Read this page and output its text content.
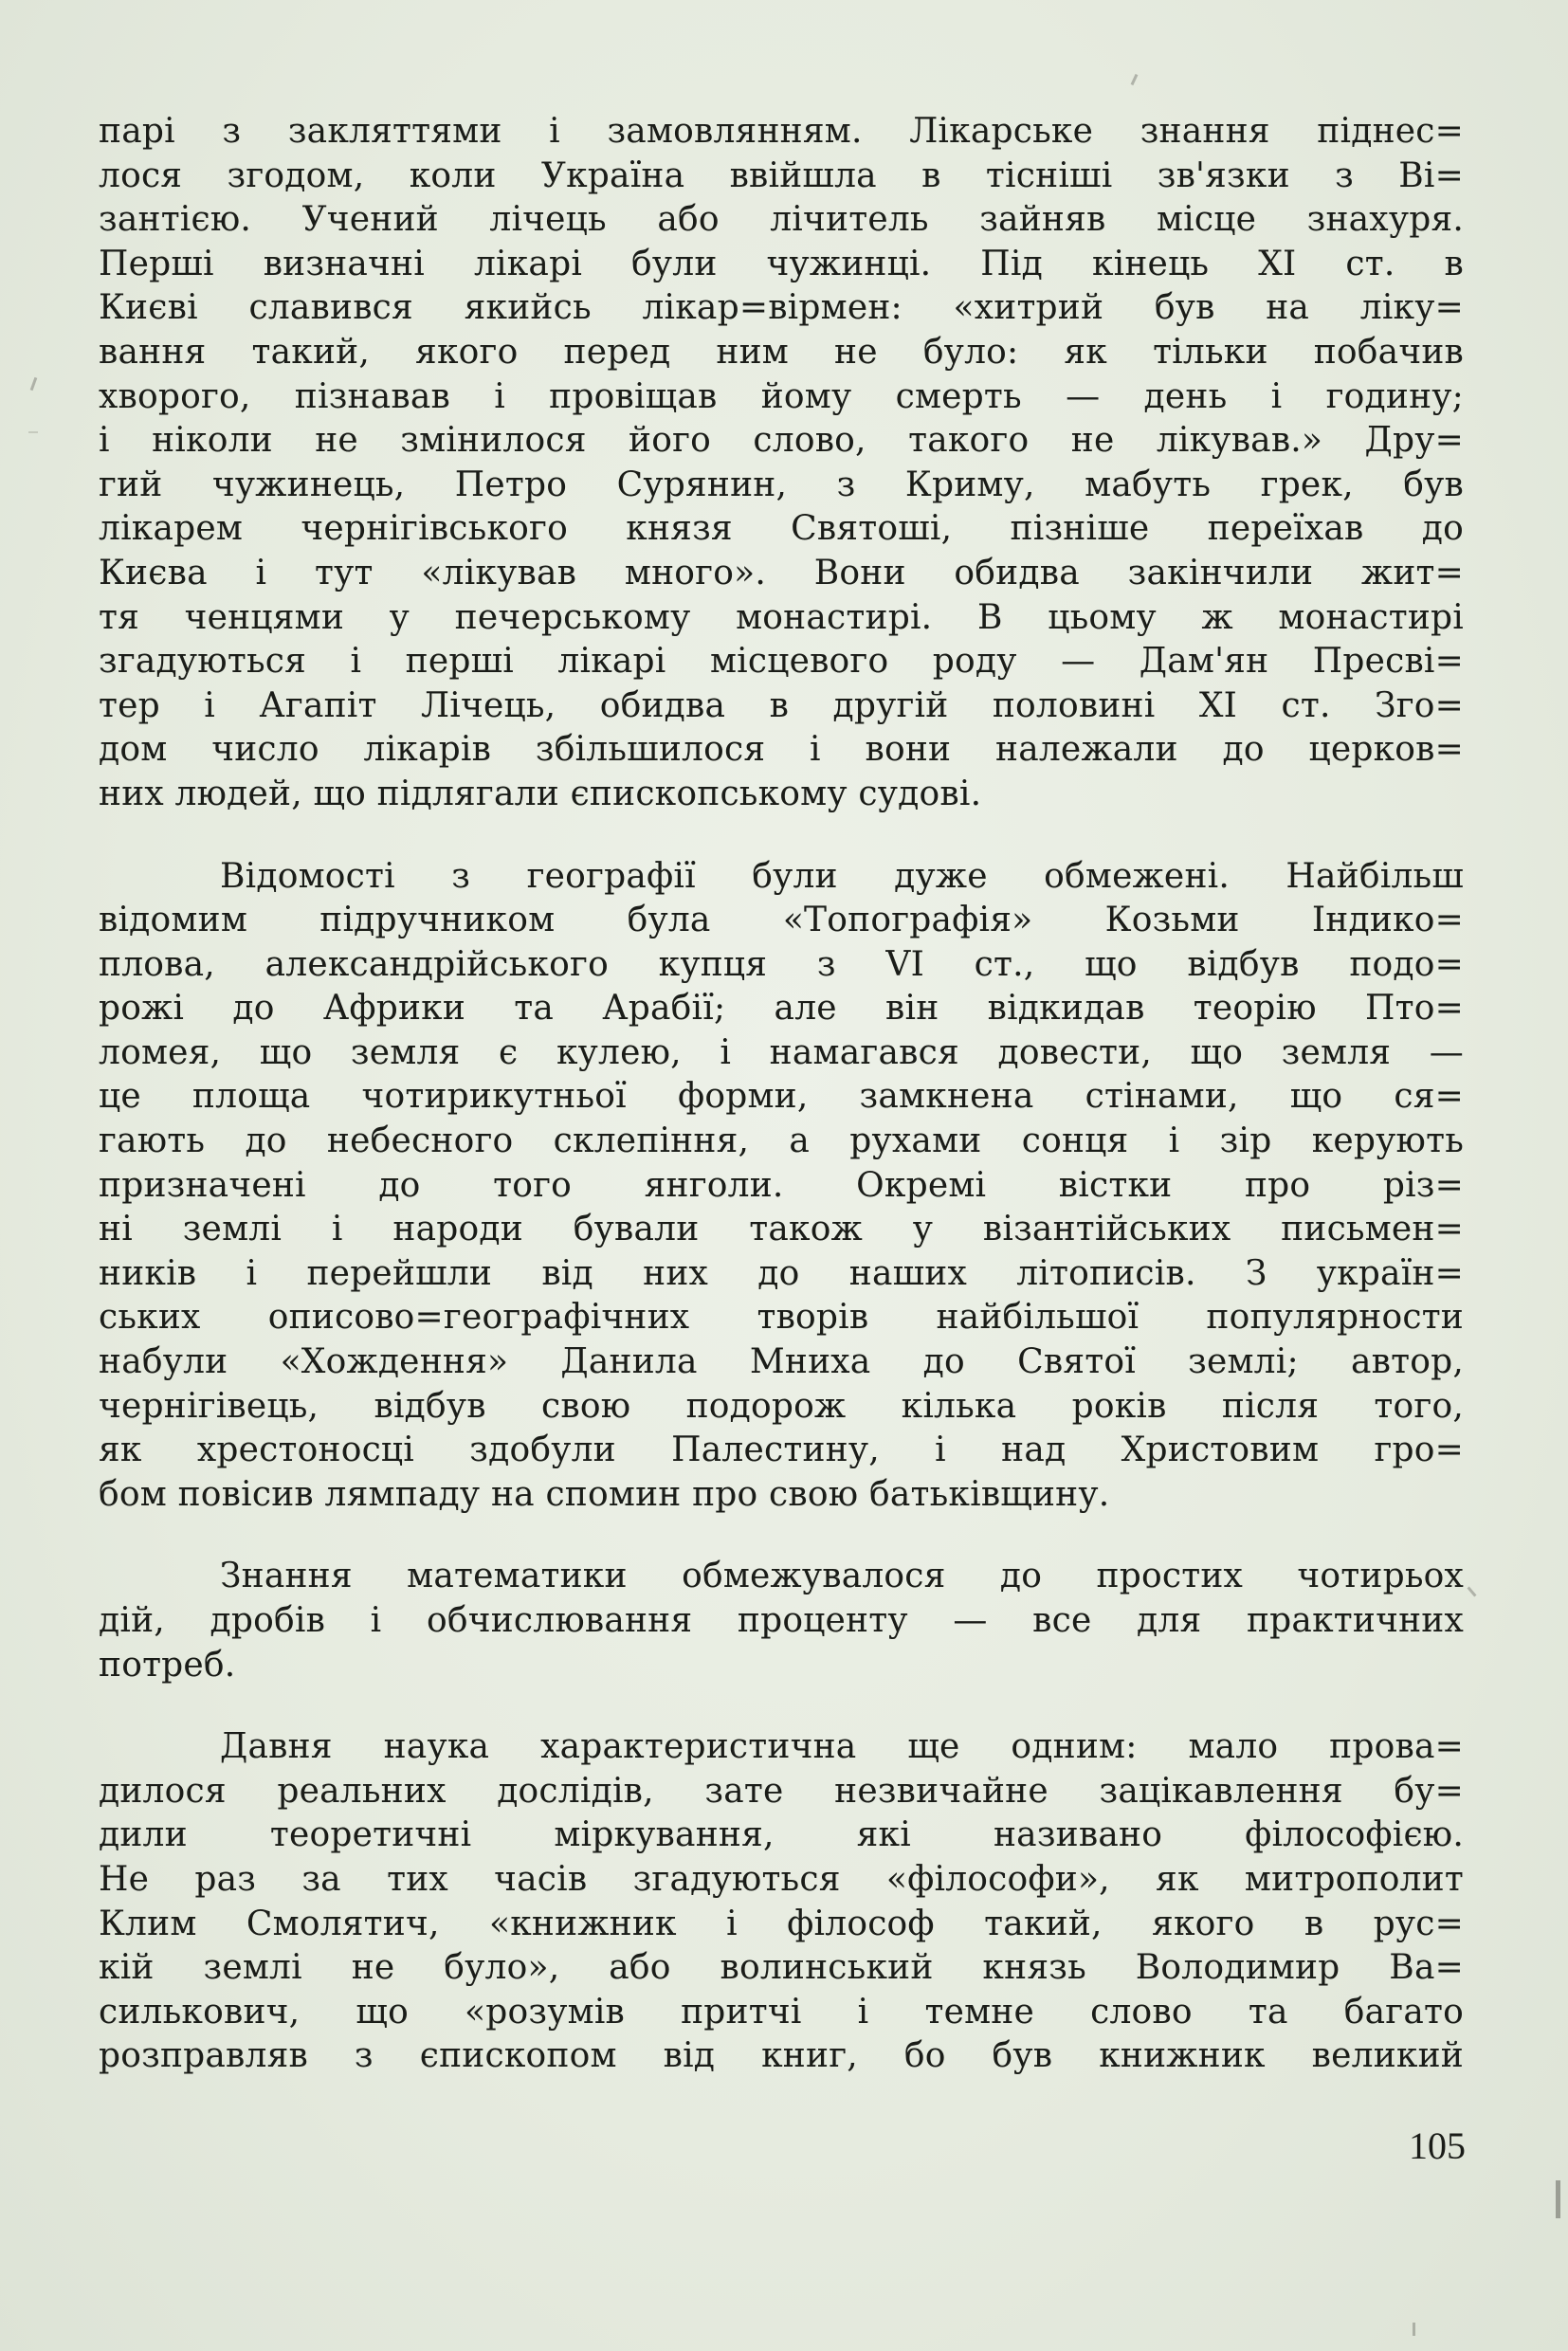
парі з закляттями і замовлянням. Лікарське знання піднес=
лося згодом, коли Україна ввійшла в тісніші зв'язки з Ві=
зантією. Учений лічець або лічитель зайняв місце знахуря.
Перші визначні лікарі були чужинці. Під кінець XI ст. в
Києві славився якийсь лікар=вірмен: «хитрий був на ліку=
вання такий, якого перед ним не було: як тільки побачив
хворого, пізнавав і провіщав йому смерть — день і годину;
і ніколи не змінилося його слово, такого не лікував.» Дру=
гий чужинець, Петро Сурянин, з Криму, мабуть грек, був
лікарем чернігівського князя Святоші, пізніше переїхав до
Києва і тут «лікував много». Вони обидва закінчили жит=
тя ченцями у печерському монастирі. В цьому ж монастирі
згадуються і перші лікарі місцевого роду — Дам'ян Пресві=
тер і Агапіт Лічець, обидва в другій половині XI ст. Зго=
дом число лікарів збільшилося і вони належали до церков=
них людей, що підлягали єпископському судові.

Відомості з географії були дуже обмежені. Найбільш
відомим підручником була «Топографія» Козьми Індико=
плова, александрійського купця з VI ст., що відбув подо=
рожі до Африки та Арабії; але він відкидав теорію Пто=
ломея, що земля є кулею, і намагався довести, що земля —
це площа чотирикутньої форми, замкнена стінами, що ся=
гають до небесного склепіння, а рухами сонця і зір керують
призначені до того янголи. Окремі вістки про різ=
ні землі і народи бували також у візантійських письмен=
ників і перейшли від них до наших літописів. З україн=
ських описово=географічних творів найбільшої популярности
набули «Хождення» Данила Мниха до Святої землі; автор,
чернігівець, відбув свою подорож кілька років після того,
як хрестоносці здобули Палестину, і над Христовим гро=
бом повісив лямпаду на спомин про свою батьківщину.

Знання математики обмежувалося до простих чотирьох
дій, дробів і обчислювання проценту — все для практичних
потреб.

Давня наука характеристична ще одним: мало прова=
дилося реальних дослідів, зате незвичайне зацікавлення бу=
дили теоретичні міркування, які називано філософією.
Не раз за тих часів згадуються «філософи», як митрополит
Клим Смолятич, «книжник і філософ такий, якого в рус=
кій землі не було», або волинський князь Володимир Ва=
силькович, що «розумів притчі і темне слово та багато
розправляв з єпископом від книг, бо був книжник великий

105
